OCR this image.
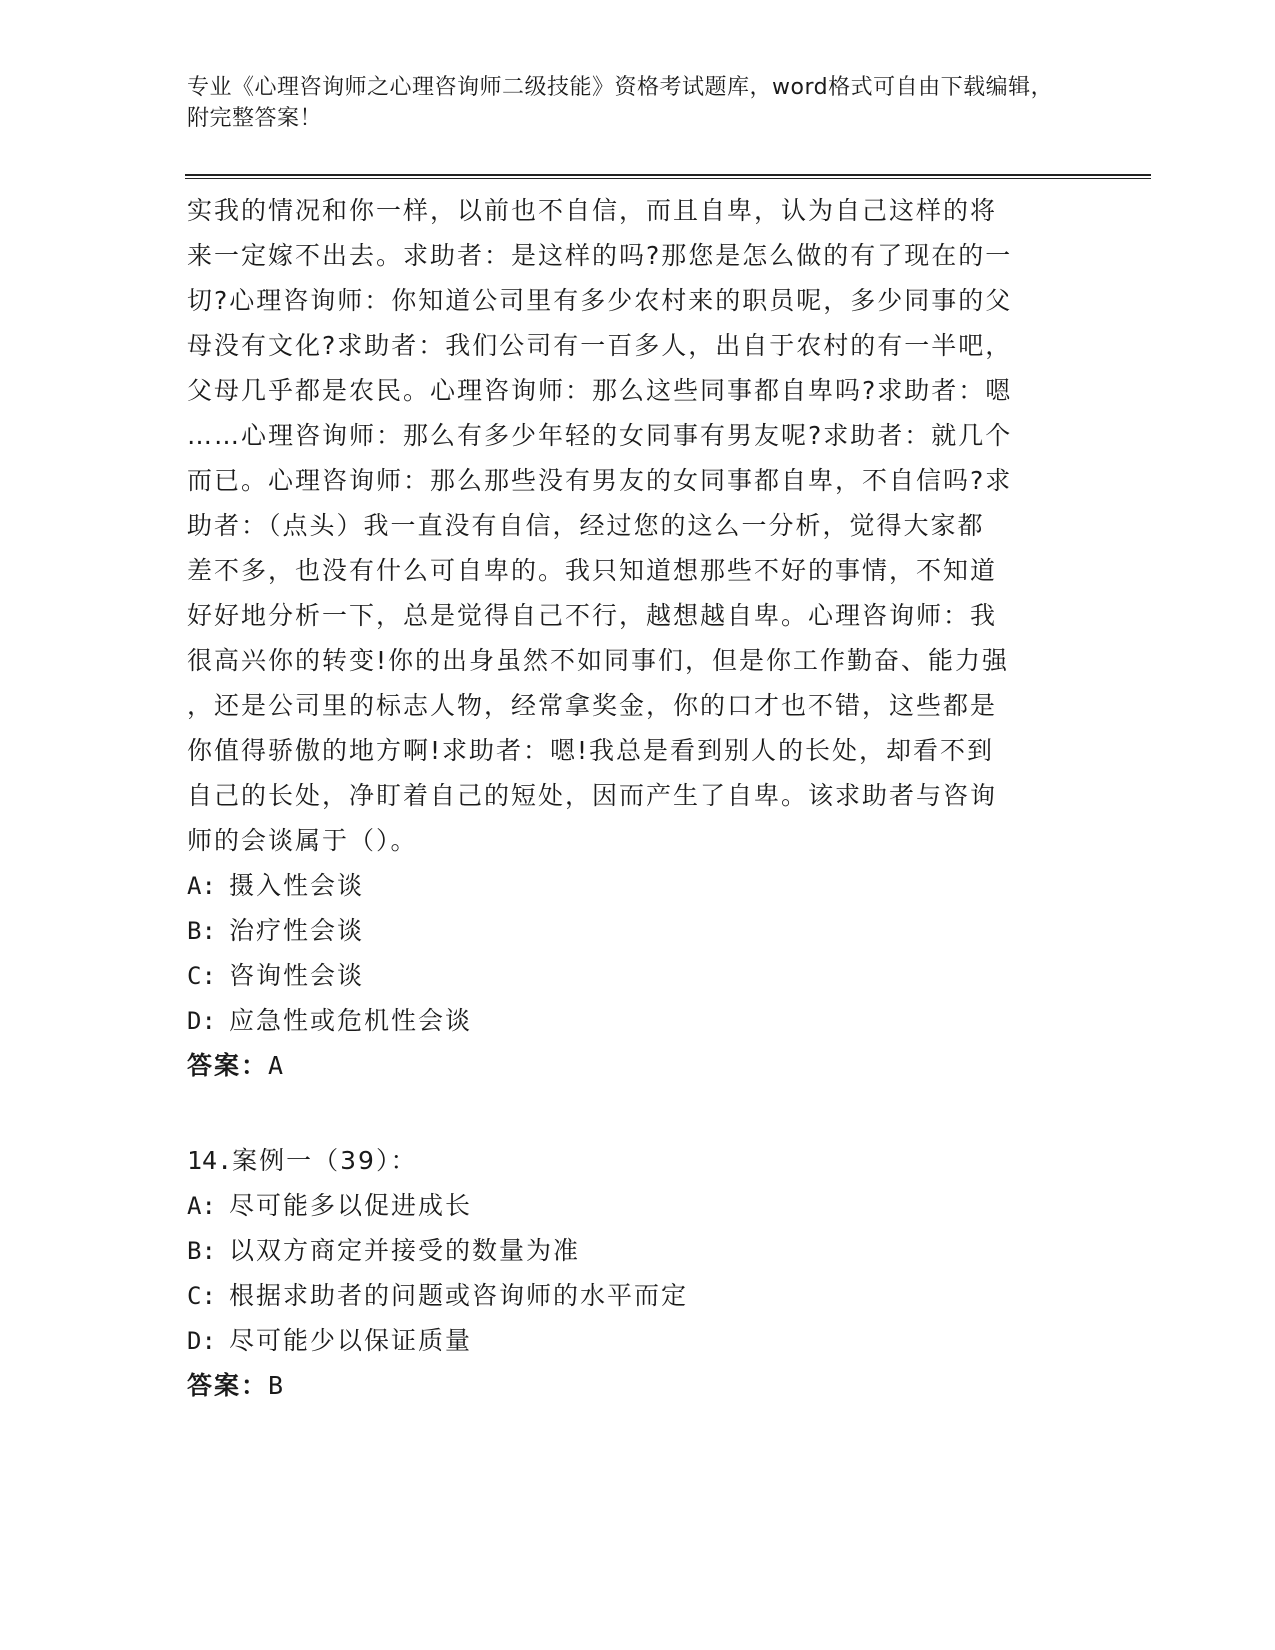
专业《心理咨询师之心理咨询师二级技能》资格考试题库，word格式可自由下载编辑，附完整答案！
实我的情况和你一样，以前也不自信，而且自卑，认为自己这样的将
来一定嫁不出去。求助者：是这样的吗?那您是怎么做的有了现在的一
切?心理咨询师：你知道公司里有多少农村来的职员呢，多少同事的父
母没有文化?求助者：我们公司有一百多人，出自于农村的有一半吧，
父母几乎都是农民。心理咨询师：那么这些同事都自卑吗?求助者：嗯
……心理咨询师：那么有多少年轻的女同事有男友呢?求助者：就几个
而已。心理咨询师：那么那些没有男友的女同事都自卑，不自信吗?求
助者：（点头）我一直没有自信，经过您的这么一分析，觉得大家都
差不多，也没有什么可自卑的。我只知道想那些不好的事情，不知道
好好地分析一下，总是觉得自己不行，越想越自卑。心理咨询师：我
很高兴你的转变!你的出身虽然不如同事们，但是你工作勤奋、能力强
，还是公司里的标志人物，经常拿奖金，你的口才也不错，这些都是
你值得骄傲的地方啊!求助者：嗯!我总是看到别人的长处，却看不到
自己的长处，净盯着自己的短处，因而产生了自卑。该求助者与咨询
师的会谈属于（）。
A: 摄入性会谈
B: 治疗性会谈
C: 咨询性会谈
D: 应急性或危机性会谈
答案：A
14.案例一（39）：
A: 尽可能多以促进成长
B: 以双方商定并接受的数量为准
C: 根据求助者的问题或咨询师的水平而定
D: 尽可能少以保证质量
答案：B
